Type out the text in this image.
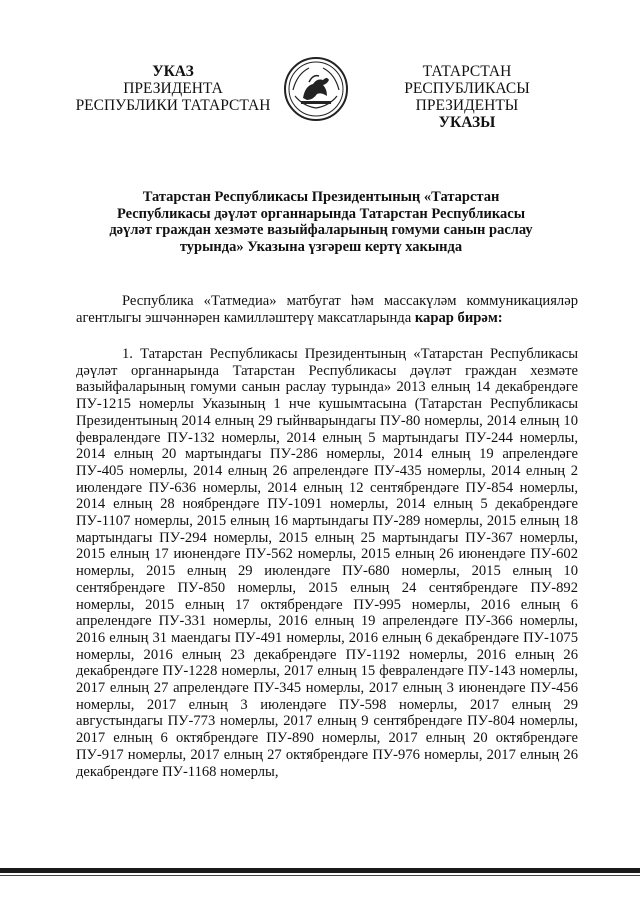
УКАЗ
ПРЕЗИДЕНТА
РЕСПУБЛИКИ ТАТАРСТАН
ТАТАРСТАН РЕСПУБЛИКАСЫ
ПРЕЗИДЕНТЫ
УКАЗЫ
Татарстан Республикасы Президентының «Татарстан Республикасы дәүләт органнарында Татарстан Республикасы дәүләт граждан хезмәте вазыйфаларының гомуми санын раслау турында» Указына үзгәреш кертү хакында
Республика «Татмедиа» матбугат һәм массакүләм коммуникацияләр агентлыгы эшчәннәрен камилләштерү максатларында карар бирәм:
1. Татарстан Республикасы Президентының «Татарстан Республикасы дәүләт органнарында Татарстан Республикасы дәүләт граждан хезмәте вазыйфаларының гомуми санын раслау турында» 2013 елның 14 декабрендәге ПУ-1215 номерлы Указының 1 нче кушымтасына (Татарстан Республикасы Президентының 2014 елның 29 гыйнварындагы ПУ-80 номерлы, 2014 елның 10 февралендәге ПУ-132 номерлы, 2014 елның 5 мартындагы ПУ-244 номерлы, 2014 елның 20 мартындагы ПУ-286 номерлы, 2014 елның 19 апрелендәге ПУ-405 номерлы, 2014 елның 26 апрелендәге ПУ-435 номерлы, 2014 елның 2 июлендәге ПУ-636 номерлы, 2014 елның 12 сентябрендәге ПУ-854 номерлы, 2014 елның 28 ноябрендәге ПУ-1091 номерлы, 2014 елның 5 декабрендәге ПУ-1107 номерлы, 2015 елның 16 мартындагы ПУ-289 номерлы, 2015 елның 18 мартындагы ПУ-294 номерлы, 2015 елның 25 мартындагы ПУ-367 номерлы, 2015 елның 17 июнендәге ПУ-562 номерлы, 2015 елның 26 июнендәге ПУ-602 номерлы, 2015 елның 29 июлендәге ПУ-680 номерлы, 2015 елның 10 сентябрендәге ПУ-850 номерлы, 2015 елның 24 сентябрендәге ПУ-892 номерлы, 2015 елның 17 октябрендәге ПУ-995 номерлы, 2016 елның 6 апрелендәге ПУ-331 номерлы, 2016 елның 19 апрелендәге ПУ-366 номерлы, 2016 елның 31 маендагы ПУ-491 номерлы, 2016 елның 6 декабрендәге ПУ-1075 номерлы, 2016 елның 23 декабрендәге ПУ-1192 номерлы, 2016 елның 26 декабрендәге ПУ-1228 номерлы, 2017 елның 15 февралендәге ПУ-143 номерлы, 2017 елның 27 апрелендәге ПУ-345 номерлы, 2017 елның 3 июнендәге ПУ-456 номерлы, 2017 елның 3 июлендәге ПУ-598 номерлы, 2017 елның 29 августындагы ПУ-773 номерлы, 2017 елның 9 сентябрендәге ПУ-804 номерлы, 2017 елның 6 октябрендәге ПУ-890 номерлы, 2017 елның 20 октябрендәге ПУ-917 номерлы, 2017 елның 27 октябрендәге ПУ-976 номерлы, 2017 елның 26 декабрендәге ПУ-1168 номерлы,
